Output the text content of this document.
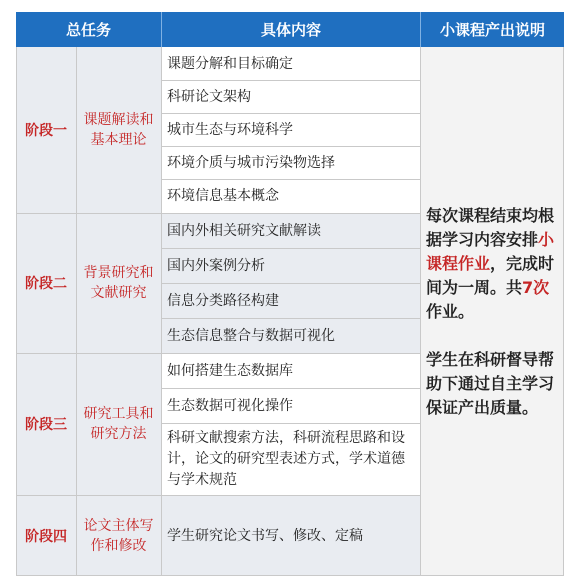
总任务	具体内容	小课程产出说明
阶段一
课题解读和
基本理论
课题分解和目标确定
科研论文架构
城市生态与环境科学
环境介质与城市污染物选择
环境信息基本概念
阶段二
背景研究和
文献研究
国内外相关研究文献解读
国内外案例分析
信息分类路径构建
生态信息整合与数据可视化
阶段三
研究工具和
研究方法
如何搭建生态数据库
生态数据可视化操作
科研文献搜索方法，科研流程思路和设计，论文的研究型表述方式，学术道德与学术规范
阶段四
论文主体写
作和修改
学生研究论文书写、修改、定稿
每次课程结束均根据学习内容安排小课程作业，完成时间为一周。共7次作业。
学生在科研督导帮助下通过自主学习保证产出质量。
